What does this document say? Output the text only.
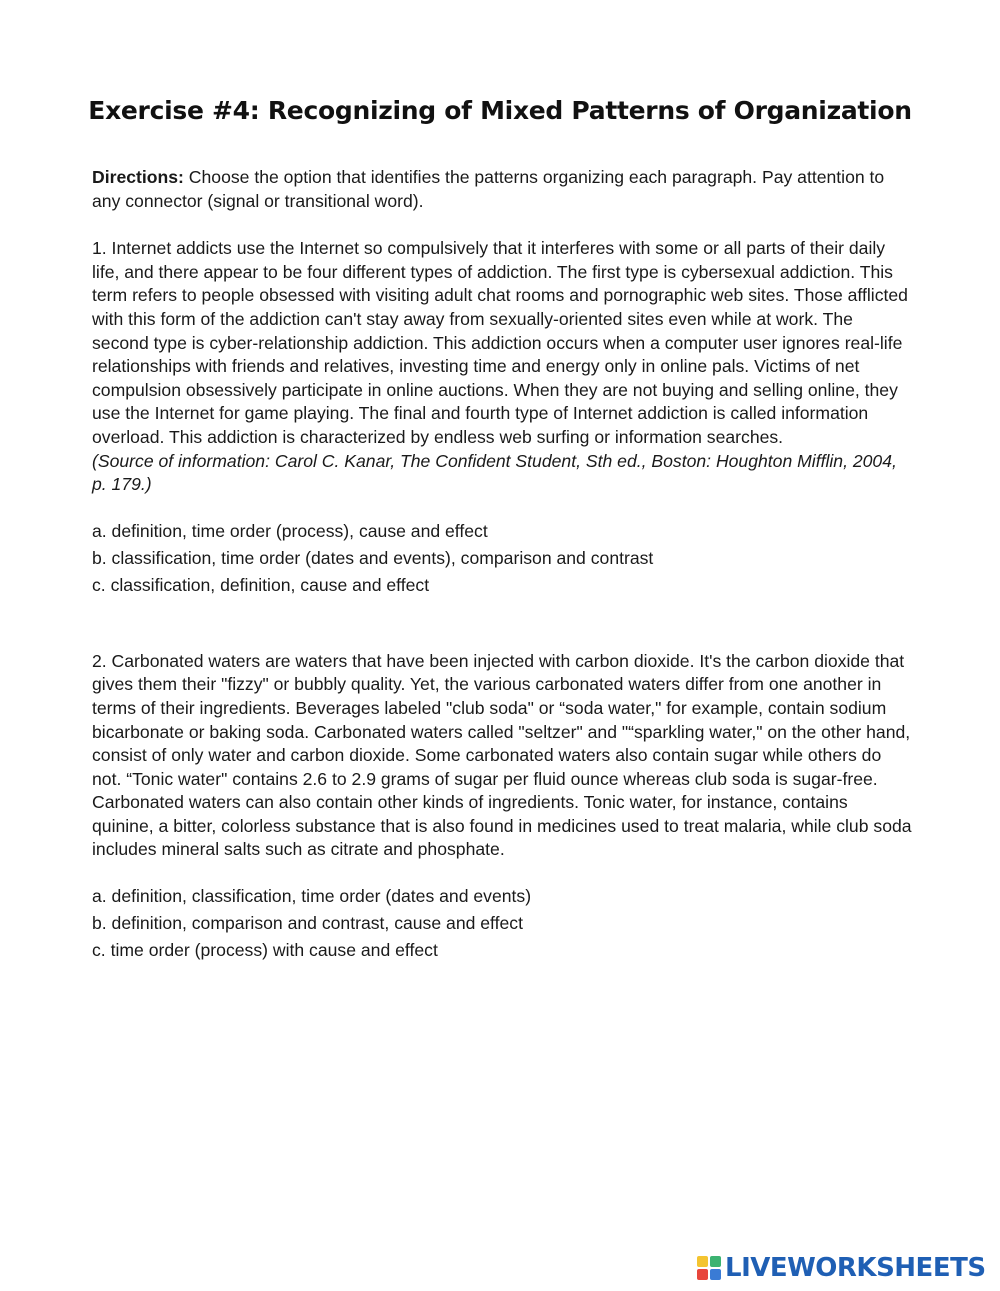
Exercise #4: Recognizing of Mixed Patterns of Organization

Directions: Choose the option that identifies the patterns organizing each paragraph. Pay attention to any connector (signal or transitional word).

1. Internet addicts use the Internet so compulsively that it interferes with some or all parts of their daily life, and there appear to be four different types of addiction. The first type is cybersexual addiction. This term refers to people obsessed with visiting adult chat rooms and pornographic web sites. Those afflicted with this form of the addiction can't stay away from sexually-oriented sites even while at work. The second type is cyber-relationship addiction. This addiction occurs when a computer user ignores real-life relationships with friends and relatives, investing time and energy only in online pals. Victims of net compulsion obsessively participate in online auctions. When they are not buying and selling online, they use the Internet for game playing. The final and fourth type of Internet addiction is called information overload. This addiction is characterized by endless web surfing or information searches.
(Source of information: Carol C. Kanar, The Confident Student, Sth ed., Boston: Houghton Mifflin, 2004, p. 179.)

a. definition, time order (process), cause and effect
b. classification, time order (dates and events), comparison and contrast
c. classification, definition, cause and effect

2. Carbonated waters are waters that have been injected with carbon dioxide. It's the carbon dioxide that gives them their "fizzy" or bubbly quality. Yet, the various carbonated waters differ from one another in terms of their ingredients. Beverages labeled "club soda" or “soda water," for example, contain sodium bicarbonate or baking soda. Carbonated waters called "seltzer" and "“sparkling water," on the other hand, consist of only water and carbon dioxide. Some carbonated waters also contain sugar while others do not. “Tonic water" contains 2.6 to 2.9 grams of sugar per fluid ounce whereas club soda is sugar-free. Carbonated waters can also contain other kinds of ingredients. Tonic water, for instance, contains quinine, a bitter, colorless substance that is also found in medicines used to treat malaria, while club soda includes mineral salts such as citrate and phosphate.

a. definition, classification, time order (dates and events)
b. definition, comparison and contrast, cause and effect
c. time order (process) with cause and effect
LIVEWORKSHEETS
